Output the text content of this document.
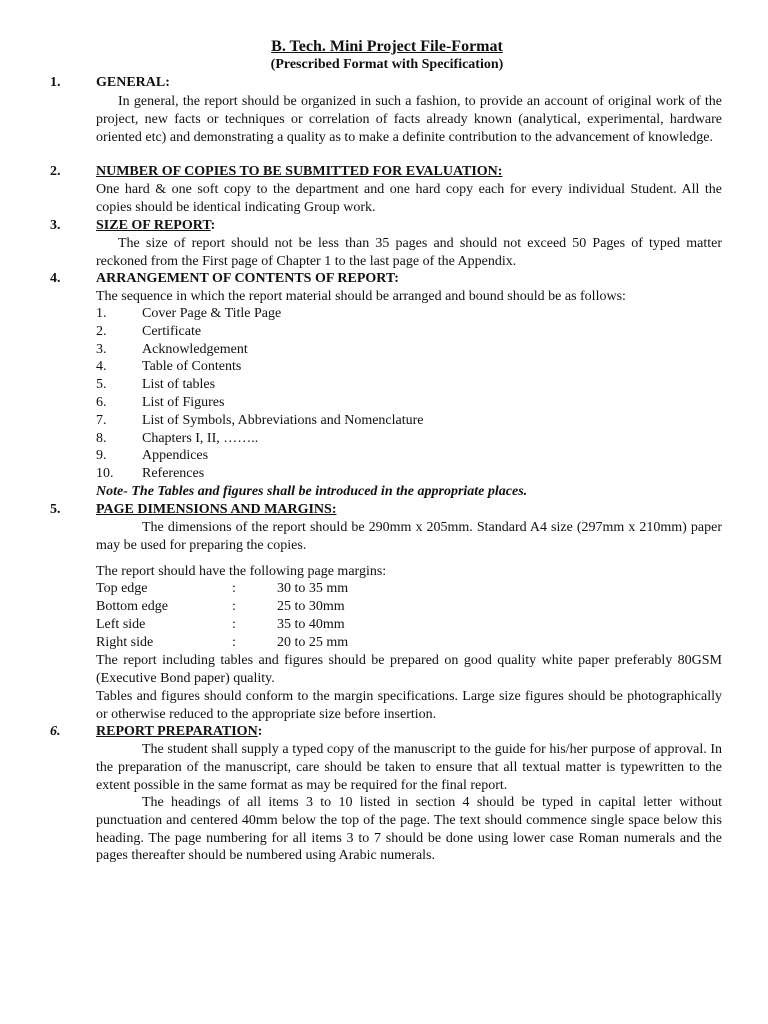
B. Tech. Mini Project File-Format
(Prescribed Format with Specification)
1.	GENERAL:
In general, the report should be organized in such a fashion, to provide an account of original work of the project, new facts or techniques or correlation of facts already known (analytical, experimental, hardware oriented etc) and demonstrating a quality as to make a definite contribution to the advancement of knowledge.
2.	NUMBER OF COPIES TO BE SUBMITTED FOR EVALUATION:
One hard & one soft copy to the department and one hard copy each for every individual Student. All the copies should be identical indicating Group work.
3.	SIZE OF REPORT:
The size of report should not be less than 35 pages and should not exceed 50 Pages of typed matter reckoned from the First page of Chapter 1 to the last page of the Appendix.
4.	ARRANGEMENT OF CONTENTS OF REPORT:
The sequence in which the report material should be arranged and bound should be as follows:
1.	Cover Page & Title Page
2.	Certificate
3.	Acknowledgement
4.	Table of Contents
5.	List of tables
6.	List of Figures
7.	List of Symbols, Abbreviations and Nomenclature
8.	Chapters I, II, ……..
9.	Appendices
10. References
Note- The Tables and figures shall be introduced in the appropriate places.
5.	PAGE DIMENSIONS AND MARGINS:
The dimensions of the report should be 290mm x 205mm. Standard A4 size (297mm x 210mm) paper may be used for preparing the copies.
The report should have the following page margins:
Top edge	:	30 to 35 mm
Bottom edge	:	25 to 30mm
Left side	:	35 to 40mm
Right side	:	20 to 25 mm
The report including tables and figures should be prepared on good quality white paper preferably 80GSM (Executive Bond paper) quality.
Tables and figures should conform to the margin specifications. Large size figures should be photographically or otherwise reduced to the appropriate size before insertion.
6.	REPORT PREPARATION:
The student shall supply a typed copy of the manuscript to the guide for his/her purpose of approval. In the preparation of the manuscript, care should be taken to ensure that all textual matter is typewritten to the extent possible in the same format as may be required for the final report.
The headings of all items 3 to 10 listed in section 4 should be typed in capital letter without punctuation and centered 40mm below the top of the page. The text should commence single space below this heading. The page numbering for all items 3 to 7 should be done using lower case Roman numerals and the pages thereafter should be numbered using Arabic numerals.
